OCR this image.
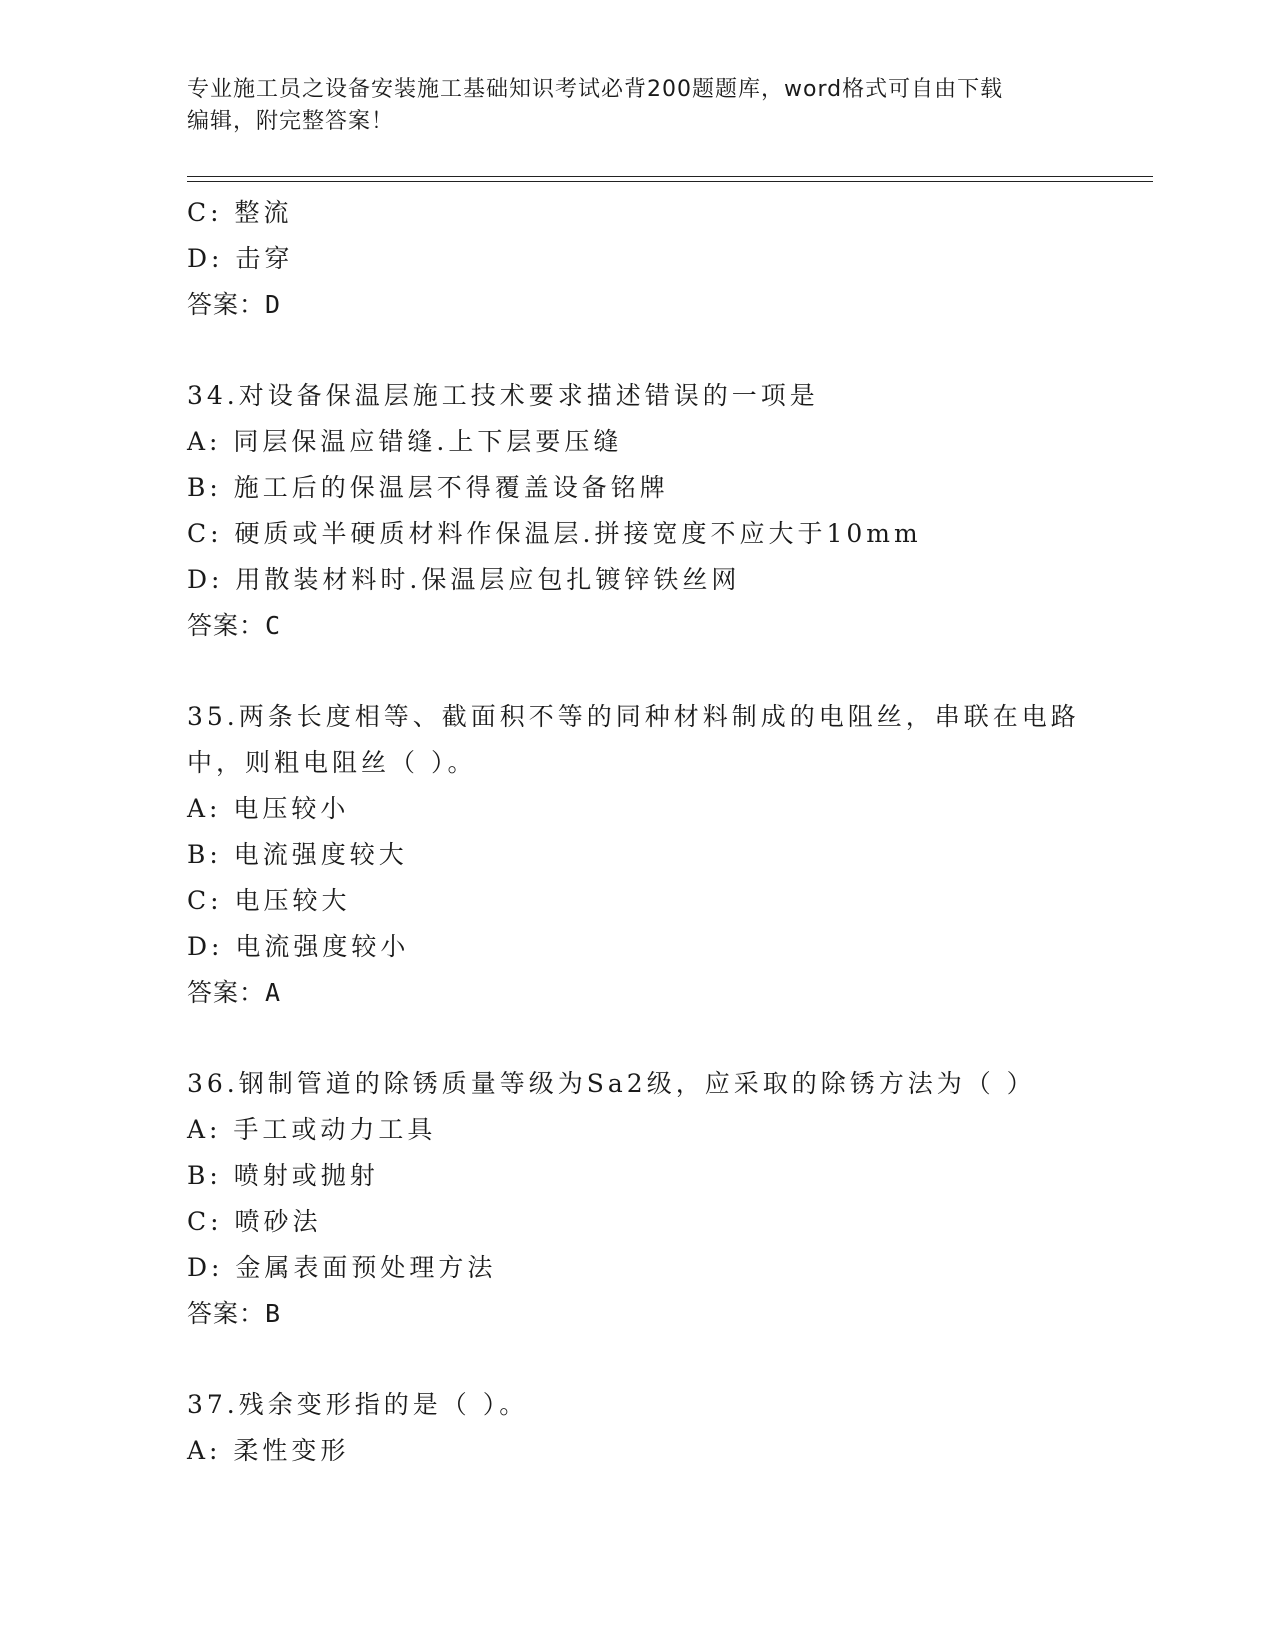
专业施工员之设备安装施工基础知识考试必背200题题库，word格式可自由下载

编辑，附完整答案！

C: 整流
D: 击穿
答案：D
34.对设备保温层施工技术要求描述错误的一项是
A: 同层保温应错缝.上下层要压缝
B: 施工后的保温层不得覆盖设备铭牌
C: 硬质或半硬质材料作保温层.拼接宽度不应大于10mm
D: 用散装材料时.保温层应包扎镀锌铁丝网
答案：C
35.两条长度相等、截面积不等的同种材料制成的电阻丝，串联在电路
中，则粗电阻丝（ ）。
A: 电压较小
B: 电流强度较大
C: 电压较大
D: 电流强度较小
答案：A
36.钢制管道的除锈质量等级为Sa2级，应采取的除锈方法为（ ）
A: 手工或动力工具
B: 喷射或抛射
C: 喷砂法
D: 金属表面预处理方法
答案：B
37.残余变形指的是（ ）。
A: 柔性变形
